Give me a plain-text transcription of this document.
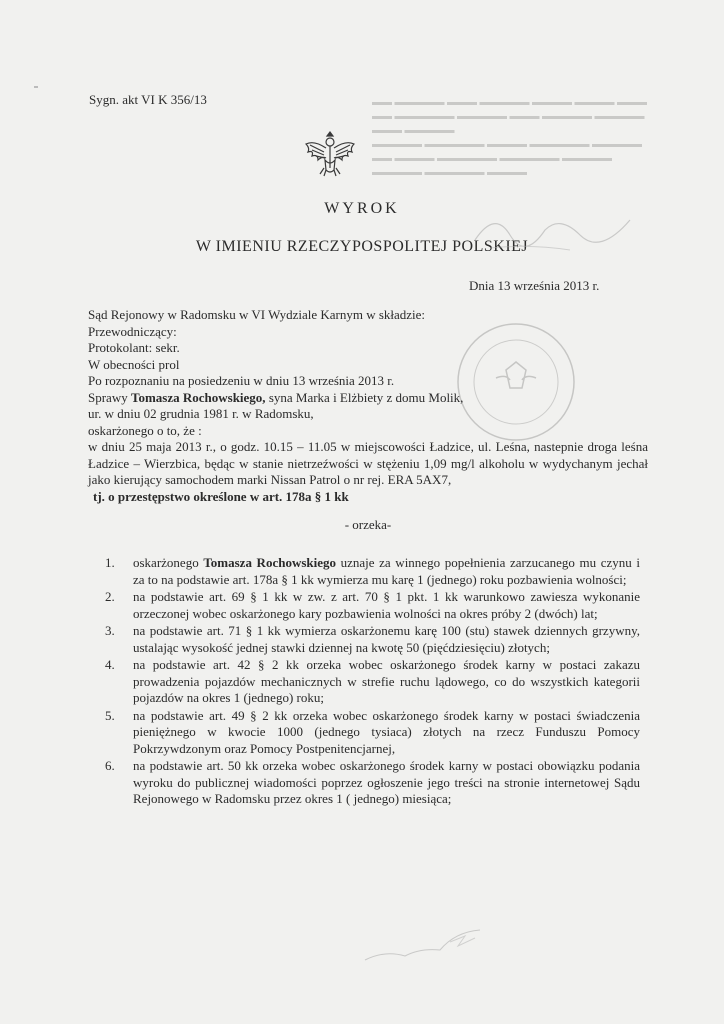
▬▬ ▬▬▬▬▬ ▬▬▬ ▬▬▬▬▬ ▬▬▬▬ ▬▬▬▬ ▬▬▬
▬▬ ▬▬▬▬▬▬ ▬▬▬▬▬ ▬▬▬ ▬▬▬▬▬ ▬▬▬▬▬
▬▬▬ ▬▬▬▬▬
▬▬▬▬▬ ▬▬▬▬▬▬ ▬▬▬▬ ▬▬▬▬▬▬ ▬▬▬▬▬
▬▬ ▬▬▬▬ ▬▬▬▬▬▬ ▬▬▬▬▬▬ ▬▬▬▬▬
▬▬▬▬▬ ▬▬▬▬▬▬ ▬▬▬▬
Sygn. akt VI K 356/13
WYROK
W IMIENIU RZECZYPOSPOLITEJ POLSKIEJ
Dnia 13 września 2013 r.

Sąd Rejonowy w Radomsku w VI Wydziale Karnym w składzie:

Przewodniczący:

Protokolant: sekr.

W obecności prol

Po rozpoznaniu na posiedzeniu w dniu 13 września 2013 r.

Sprawy Tomasza Rochowskiego, syna Marka i Elżbiety z domu Molik,

ur. w dniu 02 grudnia 1981 r. w Radomsku,

oskarżonego o to, że :

w dniu 25 maja 2013 r., o godz. 10.15 – 11.05 w miejscowości Ładzice, ul. Leśna, nastepnie droga leśna Ładzice – Wierzbica, będąc w stanie nietrzeźwości w stężeniu 1,09 mg/l alkoholu w wydychanym jechał jako kierujący samochodem marki Nissan Patrol o nr rej. ERA 5AX7,

tj. o przestępstwo określone w art. 178a § 1 kk

- orzeka-

1.	oskarżonego Tomasza Rochowskiego uznaje za winnego popełnienia zarzucanego mu czynu i za to na podstawie art. 178a § 1 kk wymierza mu karę 1 (jednego) roku pozbawienia wolności;
2.	na podstawie art. 69 § 1 kk w zw. z art. 70 § 1 pkt. 1 kk warunkowo zawiesza wykonanie orzeczonej wobec oskarżonego kary pozbawienia wolności na okres próby 2 (dwóch) lat;
3.	na podstawie art. 71 § 1 kk wymierza oskarżonemu karę 100 (stu) stawek dziennych grzywny, ustalając wysokość jednej stawki dziennej na kwotę 50 (pięćdziesięciu) złotych;
4.	na podstawie art. 42 § 2 kk orzeka wobec oskarżonego środek karny w postaci zakazu prowadzenia pojazdów mechanicznych w strefie ruchu lądowego, co do wszystkich kategorii pojazdów na okres 1 (jednego) roku;
5.	na podstawie art. 49 § 2 kk orzeka wobec oskarżonego środek karny w postaci świadczenia pieniężnego w kwocie 1000 (jednego tysiaca) złotych na rzecz Funduszu Pomocy Pokrzywdzonym oraz Pomocy Postpenitencjarnej,
6.	na podstawie art. 50 kk orzeka wobec oskarżonego środek karny w postaci obowiązku podania wyroku do publicznej wiadomości poprzez ogłoszenie jego treści na stronie internetowej Sądu Rejonowego w Radomsku przez okres 1 ( jednego) miesiąca;
